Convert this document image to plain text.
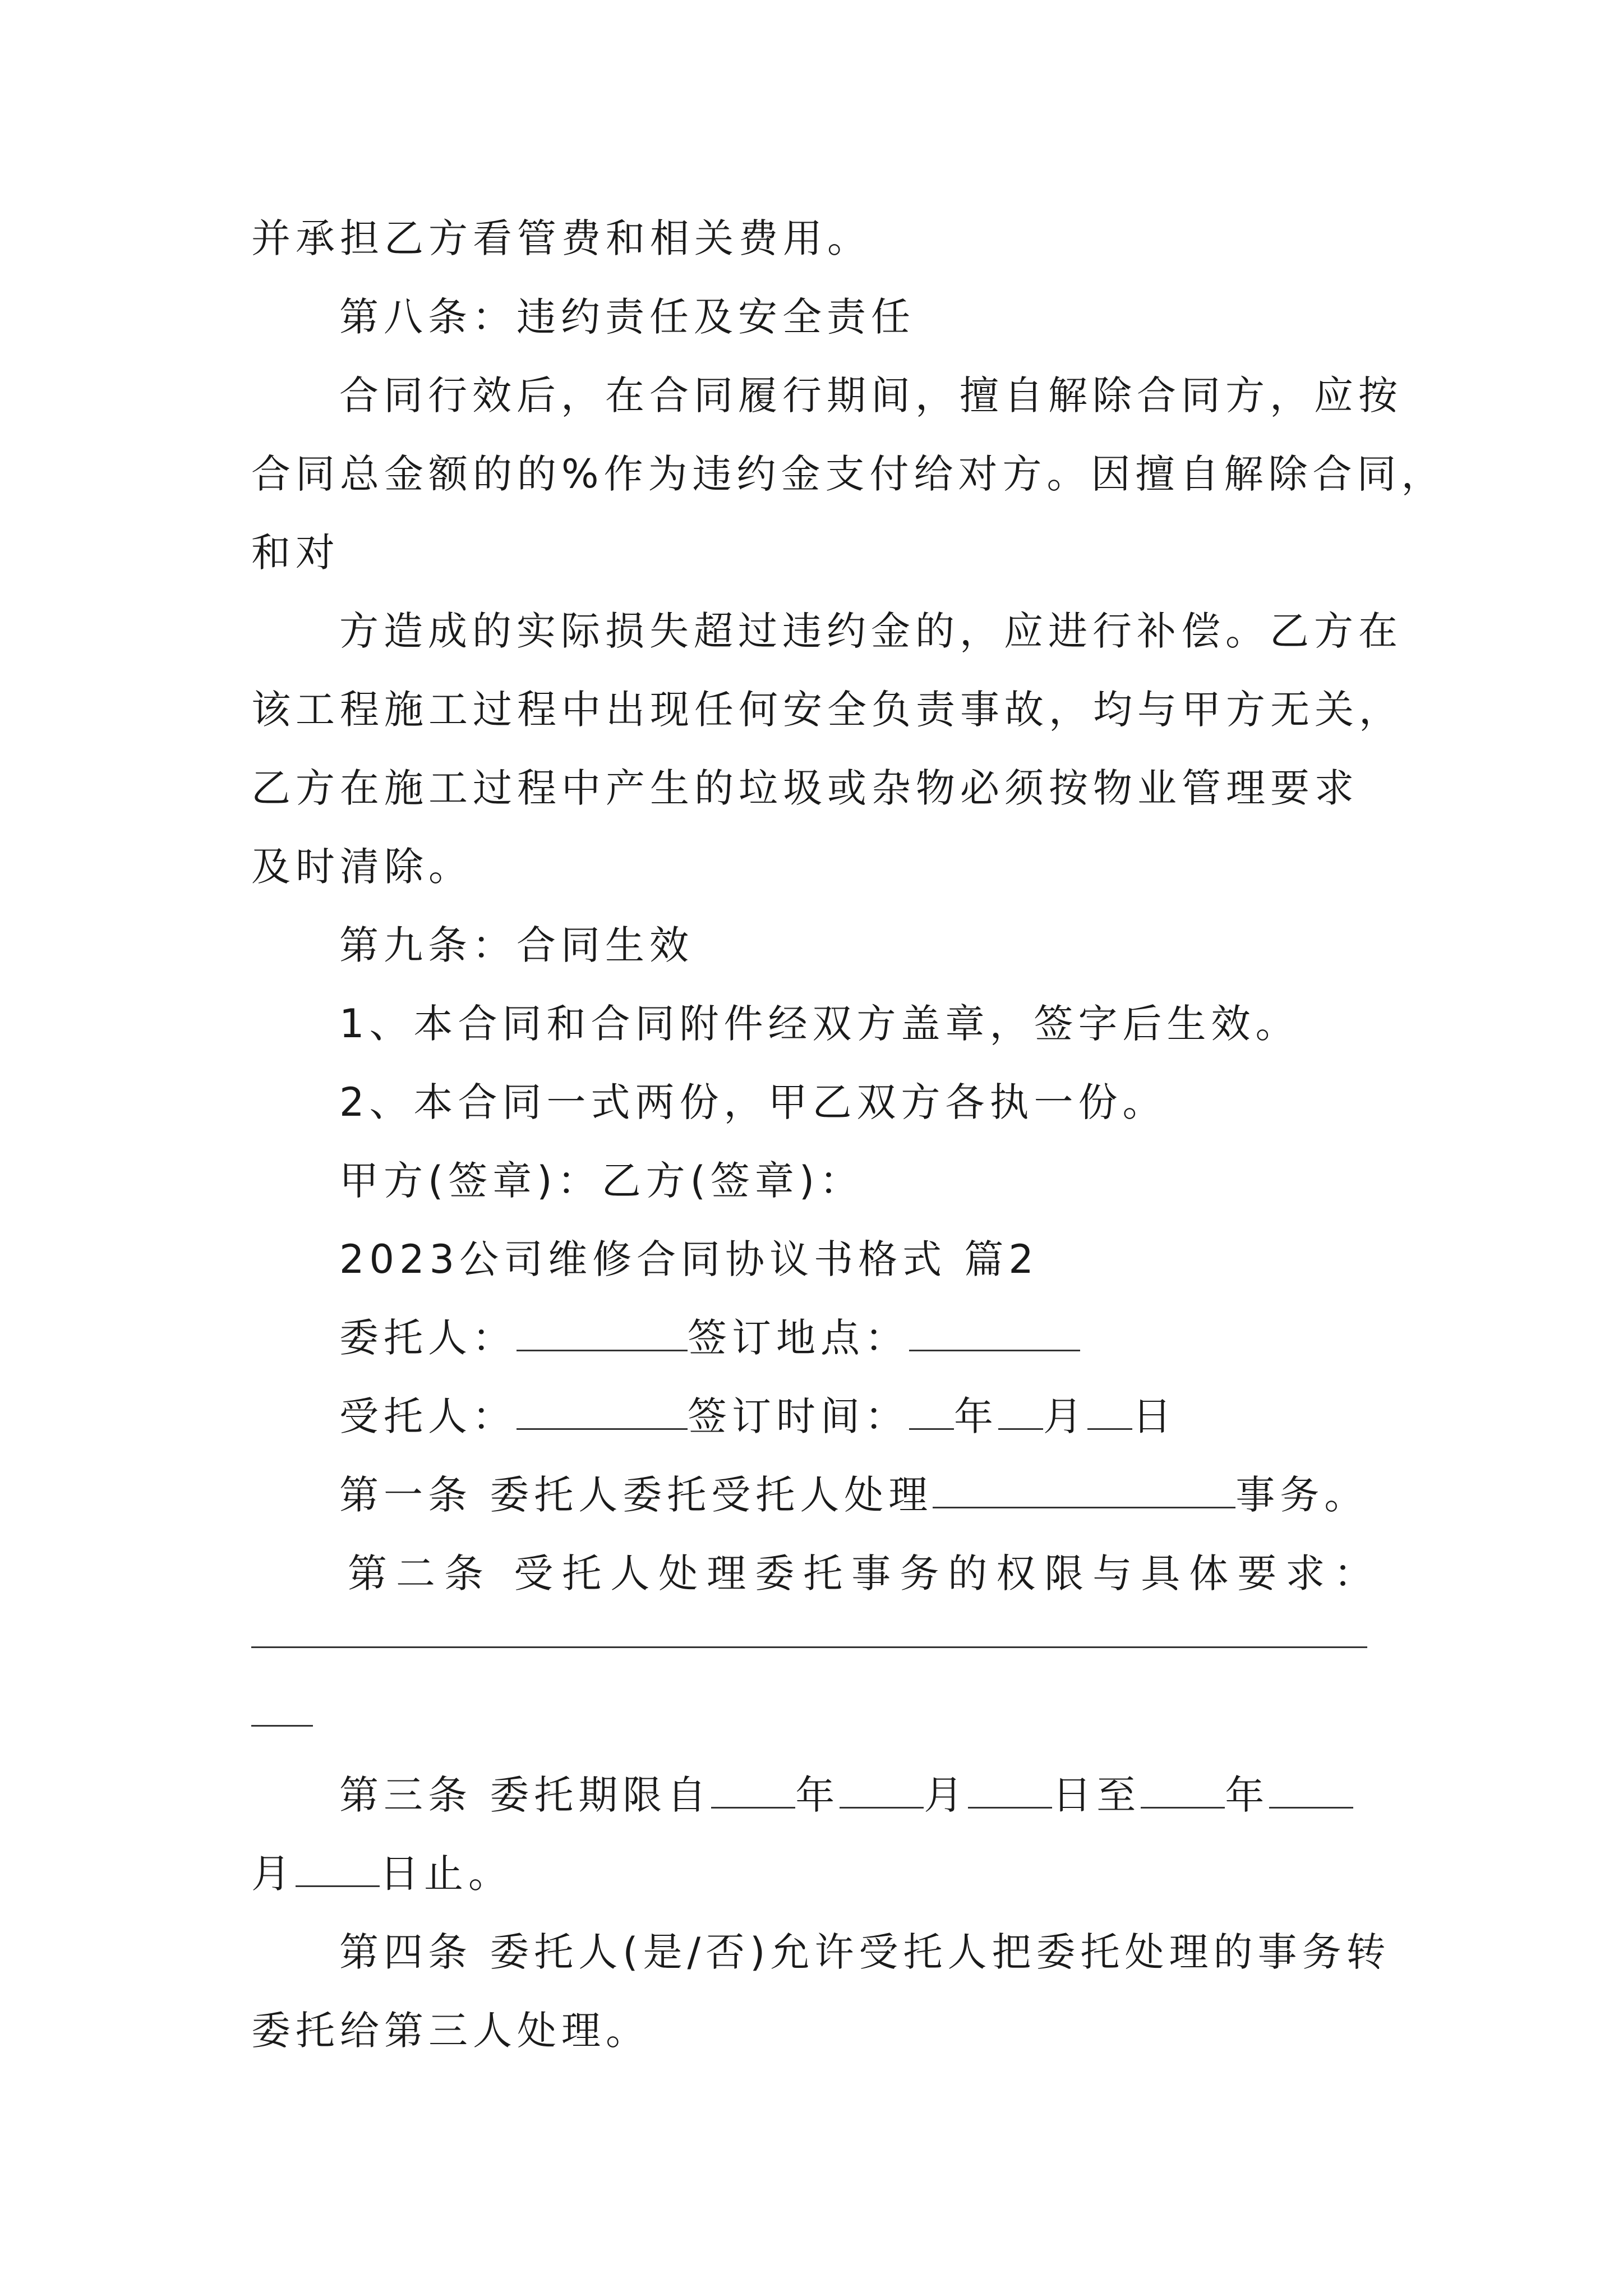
并承担乙方看管费和相关费用。

第八条：违约责任及安全责任

合同行效后，在合同履行期间，擅自解除合同方，应按

合同总金额的的%作为违约金支付给对方。因擅自解除合同，

和对

方造成的实际损失超过违约金的，应进行补偿。乙方在

该工程施工过程中出现任何安全负责事故，均与甲方无关，

乙方在施工过程中产生的垃圾或杂物必须按物业管理要求

及时清除。

第九条：合同生效

1、本合同和合同附件经双方盖章，签字后生效。

2、本合同一式两份，甲乙双方各执一份。

甲方(签章)：乙方(签章)：

2023公司维修合同协议书格式 篇2

委托人：	签订地点：

受托人：	签订时间： 年 月 日

第一条 委托人委托受托人处理	事务。

第二条 受托人处理委托事务的权限与具体要求：

第三条 委托期限自 年 月 日至 年

月 日止。

第四条 委托人(是/否)允许受托人把委托处理的事务转

委托给第三人处理。
